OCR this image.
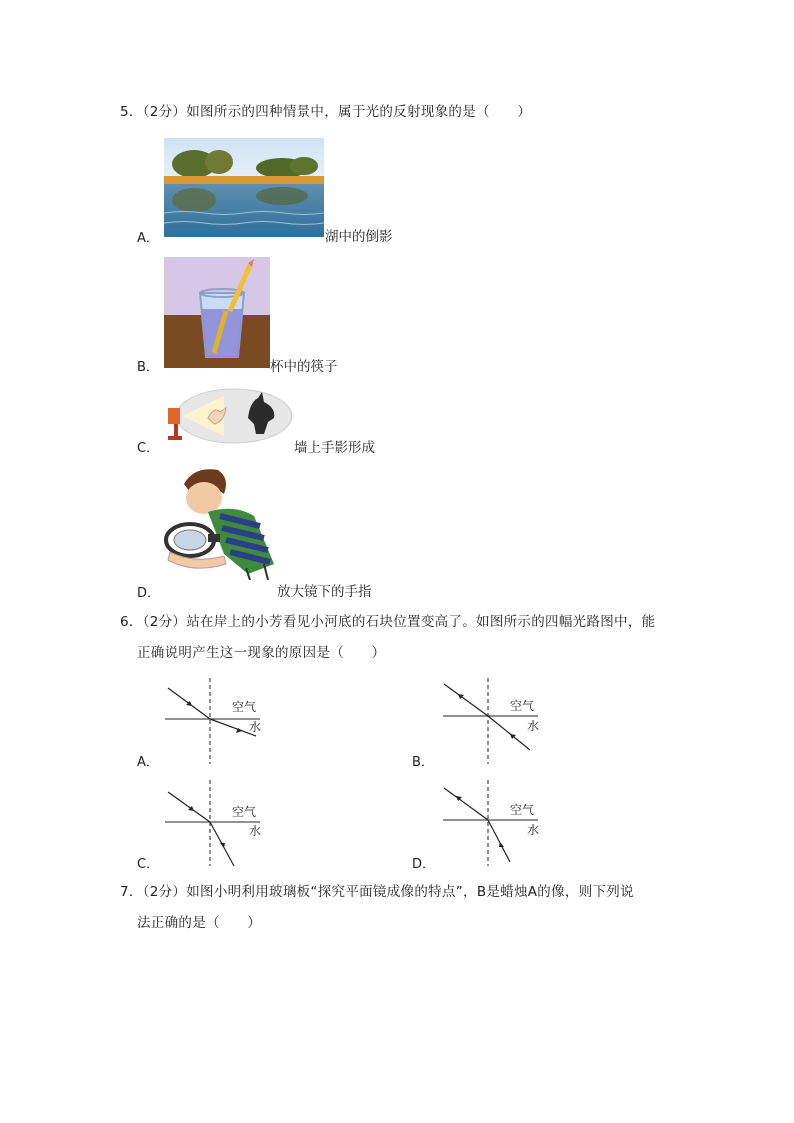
5．（2分）如图所示的四种情景中，属于光的反射现象的是（　　）
A．	湖中的倒影
B．	杯中的筷子
C．	墙上手影形成
D．	放大镜下的手指
6．（2分）站在岸上的小芳看见小河底的石块位置变高了。如图所示的四幅光路图中，能
正确说明产生这一现象的原因是（　　）
空气
水
A．
空气
水
B．
空气
水
C．
空气
水
D．
7．（2分）如图小明利用玻璃板“探究平面镜成像的特点”，B是蜡烛A的像，则下列说
法正确的是（　　）
